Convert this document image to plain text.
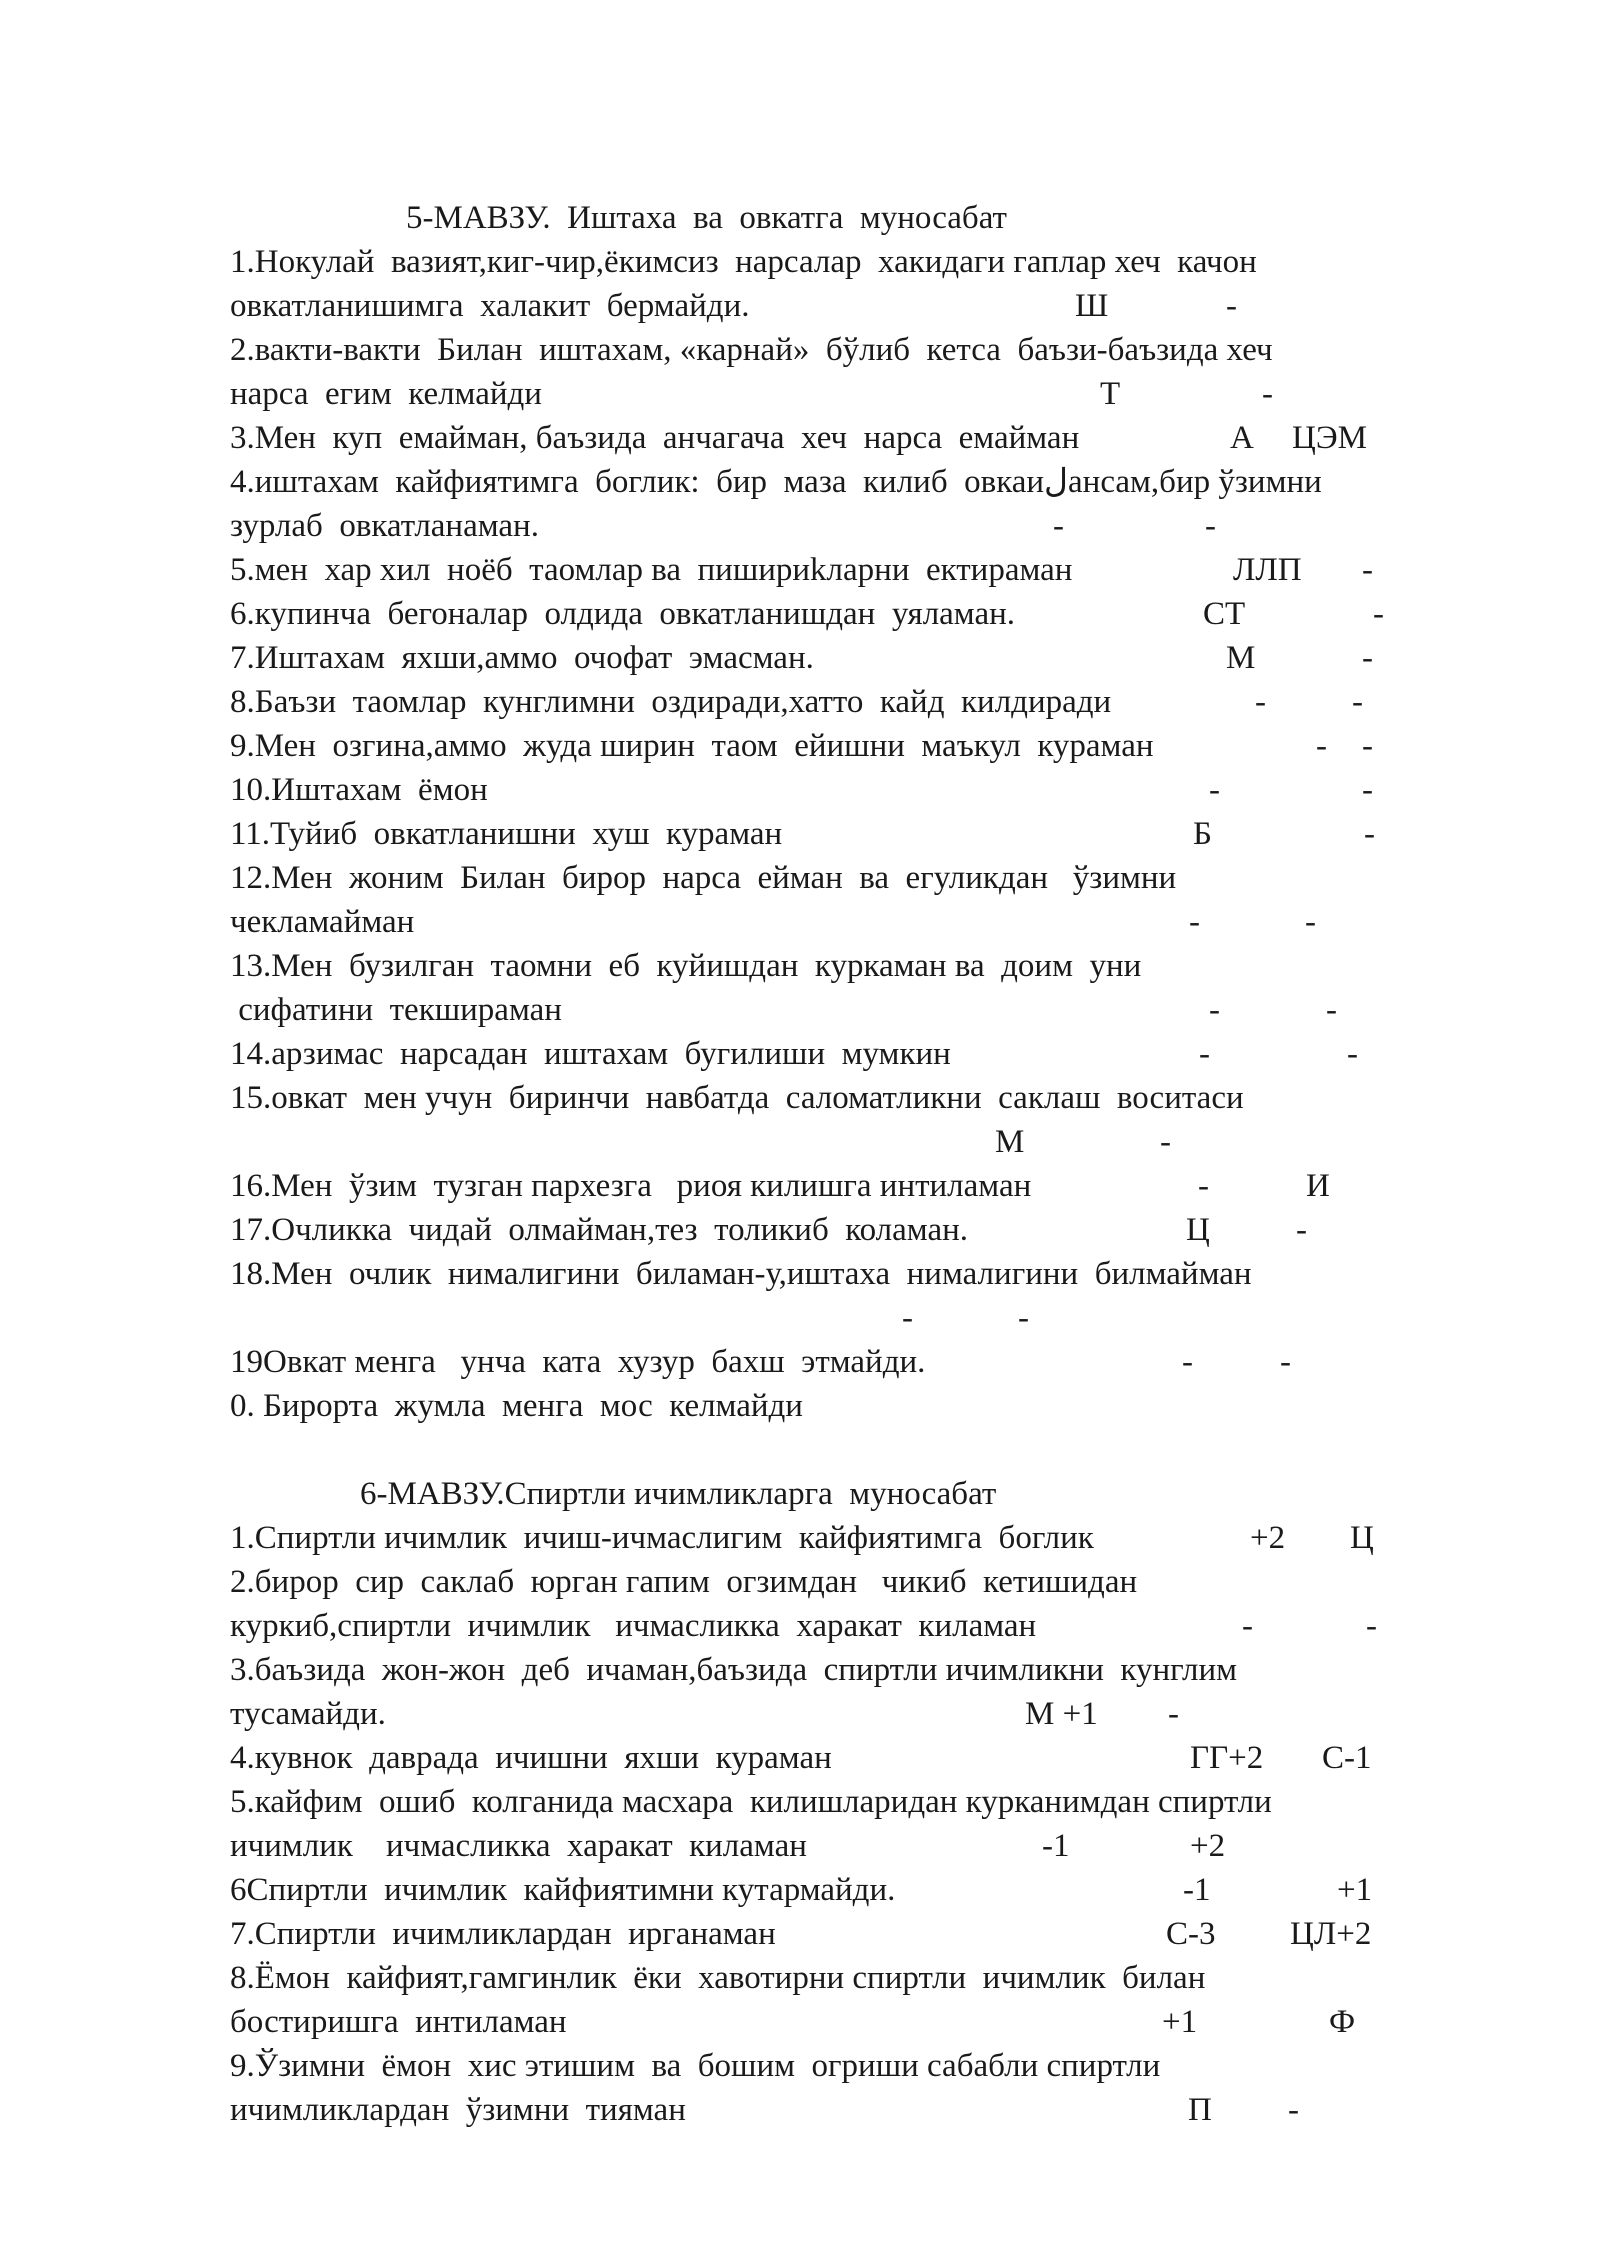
5-МАВЗУ.  Иштаха  ва  овкатга  муносабат
1.Нокулай  вазият,киг-чир,ёкимсиз  нарсалар  хакидаги гаплар хеч  качон
овкатланишимга  халакит  бермайди.	Ш	-
2.вакти-вакти  Билан  иштахам, «карнай»  бўлиб  кетса  баъзи-баъзида хеч
нарса  егим  келмайди	Т	-
3.Мен  куп  емайман, баъзида  анчагача  хеч  нарса  емайман	А ЦЭМ
4.иштахам  кайфиятимга  боглик:  бир  маза  килиб  овкаиلансам,бир ўзимни
зурлаб  овкатланаман.	-	-
5.мен  хар хил  ноёб  таомлар ва  пишириkларни  ектираман	ЛЛП -
6.купинча  бегоналар  олдида  овкатланишдан  уяламан.	СТ	-
7.Иштахам  яхши,аммо  очофат  эмасман.	М	-
8.Баъзи  таомлар  кунглимни  оздиради,хатто  кайд  килдиради	-	-
9.Мен  озгина,аммо  жуда ширин  таом  ейишни  маъкул  кураман	- -
10.Иштахам  ёмон	-	-
11.Туйиб  овкатланишни  хуш  кураман	Б	-
12.Мен  жоним  Билан  бирор  нарса  ейман  ва  егуликдан   ўзимни
чекламайман	-	-
13.Мен  бузилган  таомни  еб  куйишдан  куркаман ва  доим  уни
сифатини  текшираман	-	-
14.арзимас  нарсадан  иштахам  бугилиши  мумкин	-	-
15.овкат  мен учун  биринчи  навбатда  саломатликни  саклаш  воситаси
М	-
16.Мен  ўзим  тузган пархезга   риоя килишга интиламан	-	И
17.Очликка  чидай  олмайман,тез  толикиб  коламан.	Ц	-
18.Мен  очлик  нималигини  биламан-у,иштаха  нималигини  билмайман
-	-
19Овкат менга   унча  ката  хузур  бахш  этмайди.	-	-
0. Бирорта  жумла  менга  мос  келмайди
6-МАВЗУ.Спиртли ичимликларга  муносабат
1.Спиртли ичимлик  ичиш-ичмаслигим  кайфиятимга  боглик	+2 Ц
2.бирор  сир  саклаб  юрган гапим  огзимдан   чикиб  кетишидан
куркиб,спиртли  ичимлик   ичмасликка  харакат  киламан	-	-
3.баъзида  жон-жон  деб  ичаман,баъзида  спиртли ичимликни  кунглим
тусамайди.	М +1 -
4.кувнок  даврада  ичишни  яхши  кураман	ГГ+2 С-1
5.кайфим  ошиб  колганида масхара  килишларидан курканимдан спиртли
ичимлик    ичмасликка  харакат  киламан	-1	+2
6Спиртли  ичимлик  кайфиятимни кутармайди.	-1	+1
7.Спиртли  ичимликлардан  ирганаман	С-3 ЦЛ+2
8.Ёмон  кайфият,гамгинлик  ёки  хавотирни спиртли  ичимлик  билан
бостиришга  интиламан	+1	Ф
9.Ўзимни  ёмон  хис этишим  ва  бошим  огриши сабабли спиртли
ичимликлардан  ўзимни  тияман	П -
